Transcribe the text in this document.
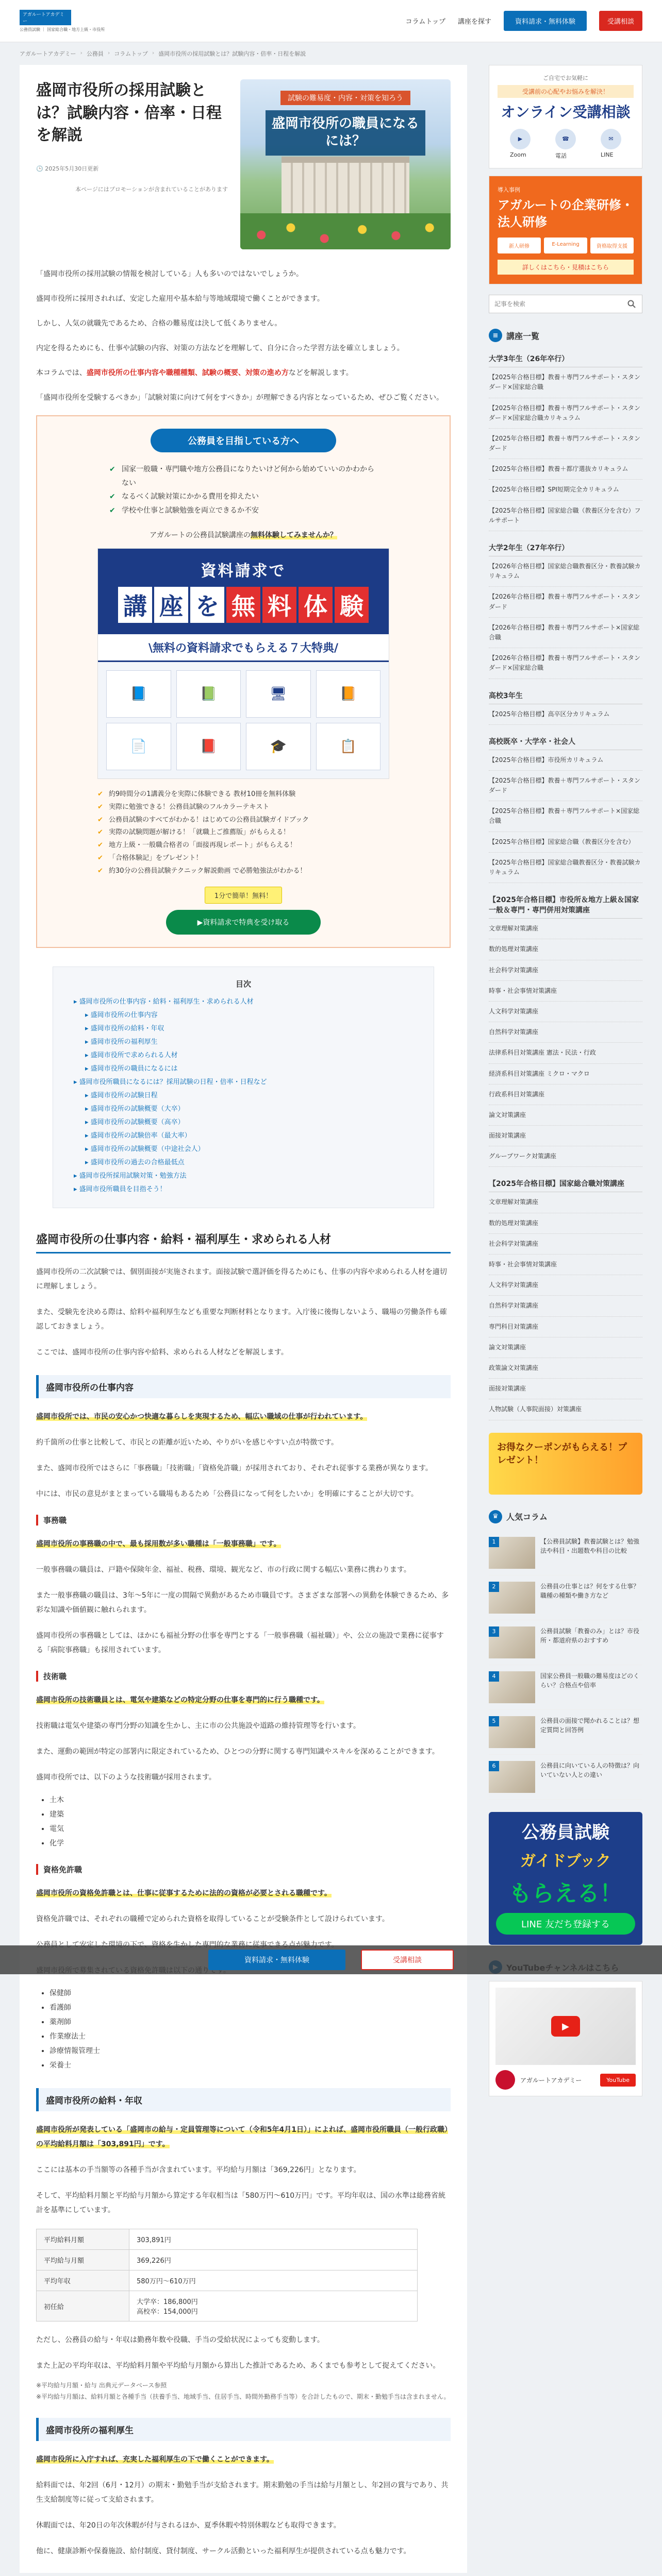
アガルートアカデミー
公務員試験 ｜ 国家総合職・地方上級・市役所
コラムトップ 講座を探す	資料請求・無料体験	受講相談
アガルートアカデミー › 公務員 › コラムトップ › 盛岡市役所の採用試験とは？試験内容・倍率・日程を解説
盛岡市役所の採用試験とは？試験内容・倍率・日程を解説
🕒 2025年5月30日更新
本ページにはプロモーションが含まれていることがあります
試験の難易度・内容・対策を知ろう
盛岡市役所の職員になるには？

「盛岡市役所の採用試験の情報を検討している」人も多いのではないでしょうか。

盛岡市役所に採用されれば、安定した雇用や基本給与等地域環境で働くことができます。

しかし、人気の就職先であるため、合格の難易度は決して低くありません。

内定を得るためにも、仕事や試験の内容、対策の方法などを理解して、自分に合った学習方法を確立しましょう。

本コラムでは、盛岡市役所の仕事内容や職種種類、試験の概要、対策の進め方などを解説します。

「盛岡市役所を受験するべきか」「試験対策に向けて何をすべきか」が理解できる内容となっているため、ぜひご覧ください。

公務員を目指している方へ
✔ 国家一般職・専門職や地方公務員になりたいけど何から始めていいのかわからない
✔ なるべく試験対策にかかる費用を抑えたい
✔ 学校や仕事と試験勉強を両立できるか不安
アガルートの公務員試験講座の無料体験してみませんか？
資料請求で
講 座 を 無 料 体 験
\無料の資料請求でもらえる７大特典/
📘	📗	🖥	📙
📄	📕	🎓	📋
✔ 約9時間分の1講義分を実際に体験できる 教材10冊を無料体験
✔ 実際に勉強できる！公務員試験のフルカラーテキスト
✔ 公務員試験のすべてがわかる！はじめての公務員試験ガイドブック
✔ 実際の試験問題が解ける！「就職上ご推薦版」がもらえる！
✔ 地方上級・一般職合格者の「面接再現レポート」がもらえる！
✔ 「合格体験記」をプレゼント！
✔ 約30分の公務員試験テクニック解説動画 で必勝勉強法がわかる！
1分で簡単！無料！
▶資料請求で特典を受け取る
目次
▸ 盛岡市役所の仕事内容・給料・福利厚生・求められる人材
▸ 盛岡市役所の仕事内容
▸ 盛岡市役所の給料・年収
▸ 盛岡市役所の福利厚生
▸ 盛岡市役所で求められる人材
▸ 盛岡市役所の職員になるには
▸ 盛岡市役所職員になるには？採用試験の日程・倍率・日程など
▸ 盛岡市役所の試験日程
▸ 盛岡市役所の試験概要（大卒）
▸ 盛岡市役所の試験概要（高卒）
▸ 盛岡市役所の試験倍率（最大率）
▸ 盛岡市役所の試験概要（中途社会人）
▸ 盛岡市役所の過去の合格最低点
▸ 盛岡市役所採用試験対策・勉強方法
▸ 盛岡市役所職員を目指そう！
盛岡市役所の仕事内容・給料・福利厚生・求められる人材

盛岡市役所の二次試験では、個別面接が実施されます。面接試験で選評価を得るためにも、仕事の内容や求められる人材を適切に理解しましょう。

また、受験先を決める際は、給料や福利厚生なども重要な判断材料となります。入庁後に後悔しないよう、職場の労働条件も確認しておきましょう。

ここでは、盛岡市役所の仕事内容や給料、求められる人材などを解説します。

盛岡市役所の仕事内容

盛岡市役所では、市民の安心かつ快適な暮らしを実現するため、幅広い職域の仕事が行われています。

約千箇所の仕事と比較して、市民との距離が近いため、やりがいを感じやすい点が特徴です。

また、盛岡市役所ではさらに「事務職」「技術職」「資格免許職」が採用されており、それぞれ従事する業務が異なります。

中には、市民の意見がまとまっている職場もあるため「公務員になって何をしたいか」を明確にすることが大切です。

事務職

盛岡市役所の事務職の中で、最も採用数が多い職種は「一般事務職」です。

一般事務職の職員は、戸籍や保険年金、福祉、税務、環境、観光など、市の行政に関する幅広い業務に携わります。

また一般事務職の職員は、3年〜5年に一度の間隔で異動があるため市職員です。さまざまな部署への異動を体験できるため、多彩な知識や価値観に触れられます。

盛岡市役所の事務職としては、ほかにも福祉分野の仕事を専門とする「一般事務職（福祉職）」や、公立の施設で業務に従事する「病院事務職」も採用されています。

技術職

盛岡市役所の技術職員とは、電気や建築などの特定分野の仕事を専門的に行う職種です。

技術職は電気や建築の専門分野の知識を生かし、主に市の公共施設や道路の維持管理等を行います。

また、運動の範囲が特定の部署内に限定されているため、ひとつの分野に関する専門知識やスキルを深めることができます。

盛岡市役所では、以下のような技術職が採用されます。

• 土木
• 建築
• 電気
• 化学
資格免許職

盛岡市役所の資格免許職とは、仕事に従事するために法的の資格が必要とされる職種です。

資格免許職では、それぞれの職種で定められた資格を取得していることが受験条件として設けられています。

• 保健師
• 看護師
• 薬剤師
• 作業療法士
• 診療情報管理士
• 栄養士
盛岡市役所の給料・年収

盛岡市役所が発表している「盛岡市の給与・定員管理等について（令和5年4月1日）」によれば、盛岡市役所職員（一般行政職）の平均給料月額は「303,891円」です。

ここには基本の手当額等の各種手当が含まれています。平均給与月額は「369,226円」となります。

そして、平均給料月額と平均給与月額から算定する年収相当は「580万円〜610万円」です。平均年収は、国の水準は総務省統計を基準にしています。

平均給料月額	303,891円
平均給与月額	369,226円
平均年収	580万円〜610万円
初任給	大学卒：186,800円
高校卒：154,000円

ただし、公務員の給与・年収は勤務年数や役職、手当の受給状況によっても変動します。

また上記の平均年収は、平均給料月額や平均給与月額から算出した推計であるため、あくまでも参考として捉えてください。

※平均給与月額・給与 出典元データベース参照
※平均給与月額は、給料月額と各種手当（扶養手当、地域手当、住居手当、時間外勤務手当等）を合計したもので、期末・勤勉手当は含まれません。

盛岡市役所の福利厚生

盛岡市役所に入庁すれば、充実した福利厚生の下で働くことができます。

給料面では、年2回（6月・12月）の期末・勤勉手当が支給されます。期末勤勉の手当は給与月額とし、年2回の賞与であり、共生支給制度等に従って支給されます。

休暇面では、年20日の年次休暇が付与されるほか、夏季休暇や特別休暇なども取得できます。

他に、健康診断や保養施設、給付制度、貸付制度、サークル活動といった福利厚生が提供されている点も魅力です。

ご自宅でお気軽に
受講前の心配やお悩みを解決！
オンライン受講相談
▶
Zoom
☎
電話
✉
LINE
導入事例
アガルートの企業研修・法人研修
新人研修	E-Learning	資格取得支援
詳しくはこちら・見積はこちら
記事を検索
≡ 講座一覧
大学3年生（26年卒行）
【2025年合格目標】教養＋専門フルサポート・スタンダード×国家総合職
【2025年合格目標】教養＋専門フルサポート・スタンダード×国家総合職カリキュラム
【2025年合格目標】教養＋専門フルサポート・スタンダード
【2025年合格目標】教養＋都庁選抜カリキュラム
【2025年合格目標】SPI短期完全カリキュラム
【2025年合格目標】国家総合職（教養区分を含む）フルサポート
大学2年生（27年卒行）
【2026年合格目標】国家総合職教養区分・教養試験カリキュラム
【2026年合格目標】教養＋専門フルサポート・スタンダード
【2026年合格目標】教養＋専門フルサポート×国家総合職
【2026年合格目標】教養＋専門フルサポート・スタンダード×国家総合職
高校3年生
【2025年合格目標】高卒区分カリキュラム
高校既卒・大学卒・社会人
【2025年合格目標】市役所カリキュラム
【2025年合格目標】教養＋専門フルサポート・スタンダード
【2025年合格目標】教養＋専門フルサポート×国家総合職
【2025年合格目標】国家総合職（教養区分を含む）
【2025年合格目標】国家総合職教養区分・教養試験カリキュラム
【2025年合格目標】市役所＆地方上級＆国家一般＆専門・専門併用対策講座
文章理解対策講座
数的処理対策講座
社会科学対策講座
時事・社会事情対策講座
人文科学対策講座
自然科学対策講座
法律系科目対策講座 憲法・民法・行政
経済系科目対策講座 ミクロ・マクロ
行政系科目対策講座
論文対策講座
面接対策講座
グループワーク対策講座
【2025年合格目標】国家総合職対策講座
文章理解対策講座
数的処理対策講座
社会科学対策講座
時事・社会事情対策講座
人文科学対策講座
自然科学対策講座
専門科目対策講座
論文対策講座
政策論文対策講座
面接対策講座
人物試験（人事院面接）対策講座
お得なクーポンがもらえる！プレゼント！
♛ 人気コラム
1	【公務員試験】教養試験とは？勉強法や科目・出題数や科目の比較
2	公務員の仕事とは？何をする仕事？職種の種類や働き方など
3	公務員試験「教養のみ」とは？市役所・都道府県のおすすめ
4	国家公務員一般職の難易度はどのくらい？合格点や倍率
5	公務員の面接で聞かれることは？想定質問と回答例
6	公務員に向いている人の特徴は？向いていない人との違い
公務員試験
ガイドブック
もらえる！
LINE 友だち登録する
▶
アガルートアカデミー	YouTube
資料請求・無料体験	受講相談
